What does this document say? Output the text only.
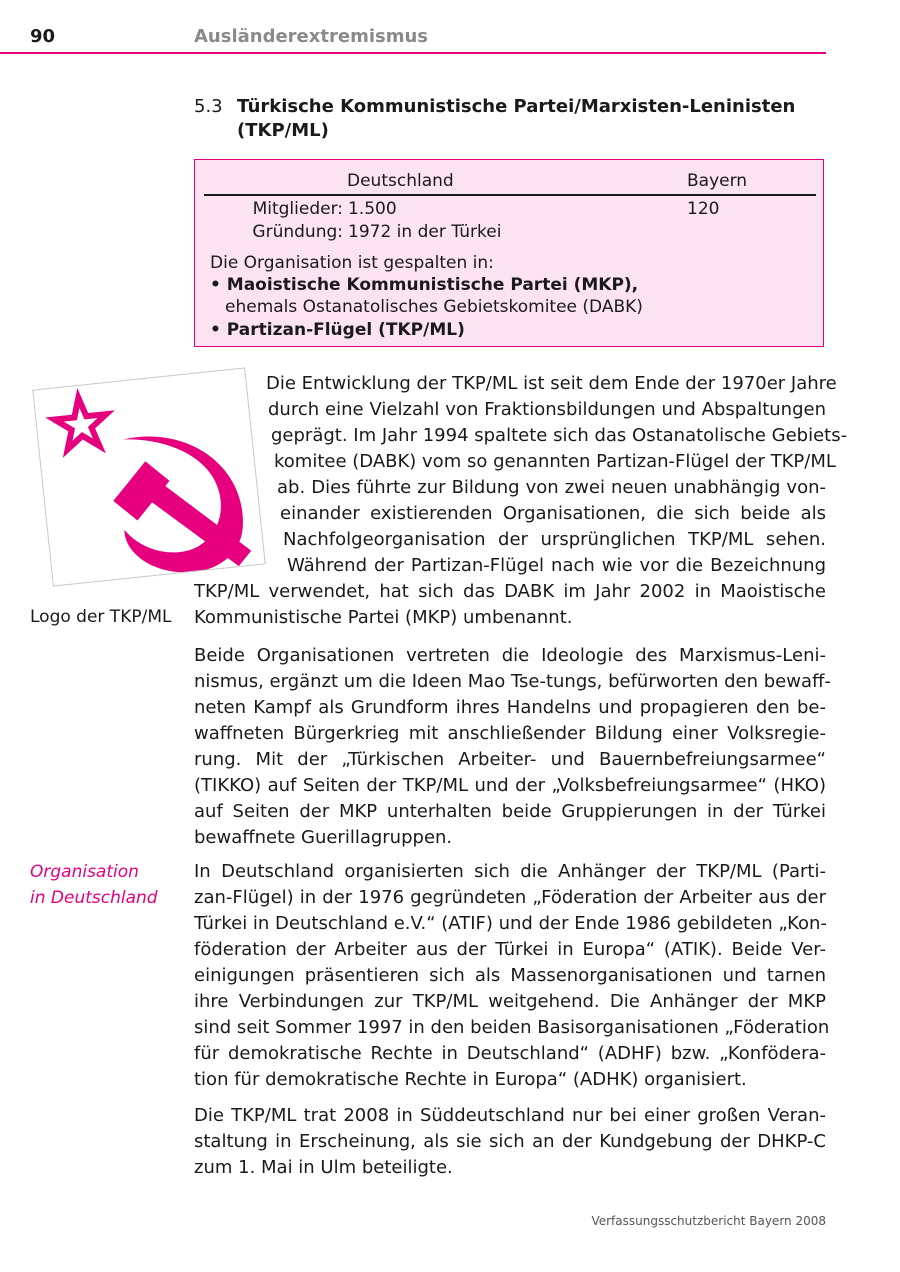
90	Ausländerextremismus
5.3 Türkische Kommunistische Partei/Marxisten-Leninisten
(TKP/ML)
Deutschland	Bayern
Mitglieder: 1.500	120
Gründung: 1972 in der Türkei
Die Organisation ist gespalten in:
• Maoistische Kommunistische Partei (MKP),
ehemals Ostanatolisches Gebietskomitee (DABK)
• Partizan-Flügel (TKP/ML)
Logo der TKP/ML
Organisation
in Deutschland
Die Entwicklung der TKP/ML ist seit dem Ende der 1970er Jahre
durch eine Vielzahl von Fraktionsbildungen und Abspaltungen
geprägt. Im Jahr 1994 spaltete sich das Ostanatolische Gebiets-
komitee (DABK) vom so genannten Partizan-Flügel der TKP/ML
ab. Dies führte zur Bildung von zwei neuen unabhängig von-
einander existierenden Organisationen, die sich beide als
Nachfolgeorganisation der ursprünglichen TKP/ML sehen.
Während der Partizan-Flügel nach wie vor die Bezeichnung
TKP/ML verwendet, hat sich das DABK im Jahr 2002 in Maoistische
Kommunistische Partei (MKP) umbenannt.
Beide Organisationen vertreten die Ideologie des Marxismus-Leni-
nismus, ergänzt um die Ideen Mao Tse-tungs, befürworten den bewaff-
neten Kampf als Grundform ihres Handelns und propagieren den be-
waffneten Bürgerkrieg mit anschließender Bildung einer Volksregie-
rung. Mit der „Türkischen Arbeiter- und Bauernbefreiungsarmee“
(TIKKO) auf Seiten der TKP/ML und der „Volksbefreiungsarmee“ (HKO)
auf Seiten der MKP unterhalten beide Gruppierungen in der Türkei
bewaffnete Guerillagruppen.
In Deutschland organisierten sich die Anhänger der TKP/ML (Parti-
zan-Flügel) in der 1976 gegründeten „Föderation der Arbeiter aus der
Türkei in Deutschland e.V.“ (ATIF) und der Ende 1986 gebildeten „Kon-
föderation der Arbeiter aus der Türkei in Europa“ (ATIK). Beide Ver-
einigungen präsentieren sich als Massenorganisationen und tarnen
ihre Verbindungen zur TKP/ML weitgehend. Die Anhänger der MKP
sind seit Sommer 1997 in den beiden Basisorganisationen „Föderation
für demokratische Rechte in Deutschland“ (ADHF) bzw. „Konfödera-
tion für demokratische Rechte in Europa“ (ADHK) organisiert.
Die TKP/ML trat 2008 in Süddeutschland nur bei einer großen Veran-
staltung in Erscheinung, als sie sich an der Kundgebung der DHKP-C
zum 1. Mai in Ulm beteiligte.
Verfassungsschutzbericht Bayern 2008
